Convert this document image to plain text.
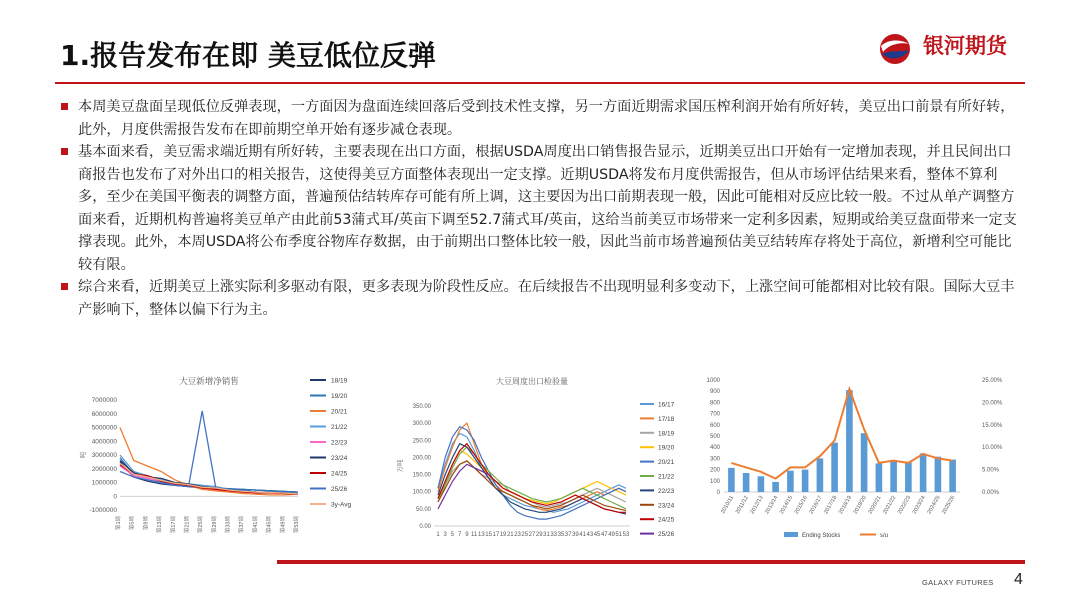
1.报告发布在即 美豆低位反弹	银河期货
本周美豆盘面呈现低位反弹表现，一方面因为盘面连续回落后受到技术性支撑，另一方面近期需求国压榨利润开始有所好转，美豆出口前景有所好转，此外，月度供需报告发布在即前期空单开始有逐步减仓表现。
基本面来看，美豆需求端近期有所好转，主要表现在出口方面，根据USDA周度出口销售报告显示，近期美豆出口开始有一定增加表现，并且民间出口商报告也发布了对外出口的相关报告，这使得美豆方面整体表现出一定支撑。近期USDA将发布月度供需报告，但从市场评估结果来看，整体不算利多，至少在美国平衡表的调整方面，普遍预估结转库存可能有所上调，这主要因为出口前期表现一般，因此可能相对反应比较一般。不过从单产调整方面来看，近期机构普遍将美豆单产由此前53蒲式耳/英亩下调至52.7蒲式耳/英亩，这给当前美豆市场带来一定利多因素，短期或给美豆盘面带来一定支撑表现。此外，本周USDA将公布季度谷物库存数据，由于前期出口整体比较一般，因此当前市场普遍预估美豆结转库存将处于高位，新增利空可能比较有限。
综合来看，近期美豆上涨实际利多驱动有限，更多表现为阶段性反应。在后续报告不出现明显利多变动下，上涨空间可能都相对比较有限。国际大豆丰产影响下，整体以偏下行为主。
大豆新增净销售
吨
7000000
6000000
5000000
4000000
3000000
2000000
1000000
0
-1000000
第1周	第5周	第9周	第13周	第17周	第21周	第25周	第29周	第33周	第37周	第41周	第45周	第49周	第53周
18/19
19/20
20/21
21/22
22/23
23/24
24/25
25/26
3y-Avg
大豆周度出口检验量
万吨
350.00
300.00
250.00
200.00
150.00
100.00
50.00
0.00
1 3 5 7 9 11 13 15 17 19 21 23 25 27 29 31 33 35 37 39 41 43 45 47 49 51 53
16/17
17/18
18/19
19/20
20/21
21/22
22/23
23/24
24/25
25/26
1000
900
800
700
600
500
400
300
200
100
0
25.00%
20.00%
15.00%
10.00%
5.00%
0.00%
2010/11 2011/12 2012/13 2013/14 2014/15 2015/16 2016/17 2017/18 2018/19 2019/20 2020/21 2021/22 2022/23 2023/24 2024/25 2025/26
Ending Stocks	s/u
GALAXY FUTURES 4
